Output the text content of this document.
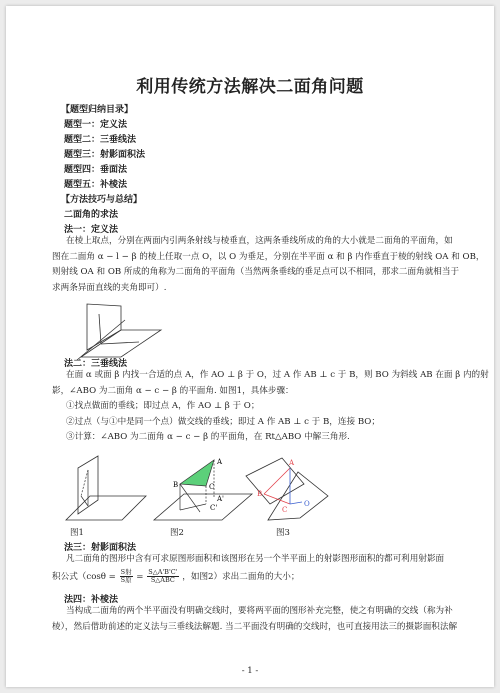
利用传统方法解决二面角问题
【题型归纳目录】
题型一：定义法
题型二：三垂线法
题型三：射影面积法
题型四：垂面法
题型五：补棱法
【方法技巧与总结】
二面角的求法
法一：定义法

在棱上取点，分别在两面内引两条射线与棱垂直，这两条垂线所成的角的大小就是二面角的平面角，如

图在二面角 α − l − β 的棱上任取一点 O，以 O 为垂足，分别在半平面 α 和 β 内作垂直于棱的射线 OA 和 OB，

则射线 OA 和 OB 所成的角称为二面角的平面角（当然两条垂线的垂足点可以不相同，那求二面角就相当于

求两条异面直线的夹角即可）.

法二：三垂线法

在面 α 或面 β 内找一合适的点 A，作 AO ⊥ β 于 O，过 A 作 AB ⊥ c 于 B，则 BO 为斜线 AB 在面 β 内的射

影，∠ABO 为二面角 α − c − β 的平面角. 如图1，具体步骤：

①找点做面的垂线；即过点 A，作 AO ⊥ β 于 O；

②过点（与①中是同一个点）做交线的垂线；即过 A 作 AB ⊥ c 于 B，连接 BO；

③计算：∠ABO 为二面角 α − c − β 的平面角，在 Rt△ABO 中解三角形.

图1
A
B	C
A'
C'
图2
A
B
C
O
图3
法三：射影面积法

凡二面角的图形中含有可求原图形面积和该图形在另一个半平面上的射影图形面积的都可利用射影面

积公式（$\cos\theta = \frac{\text{S射}}{\text{S原}} = \frac{S\triangle A'B'C'}{\text{S△ABC}}$ ，如图2）求出二面角的大小；

法四：补棱法

当构成二面角的两个半平面没有明确交线时，要将两平面的图形补充完整，使之有明确的交线（称为补

棱），然后借助前述的定义法与三垂线法解题. 当二平面没有明确的交线时，也可直接用法三的摄影面积法解

- 1 -
